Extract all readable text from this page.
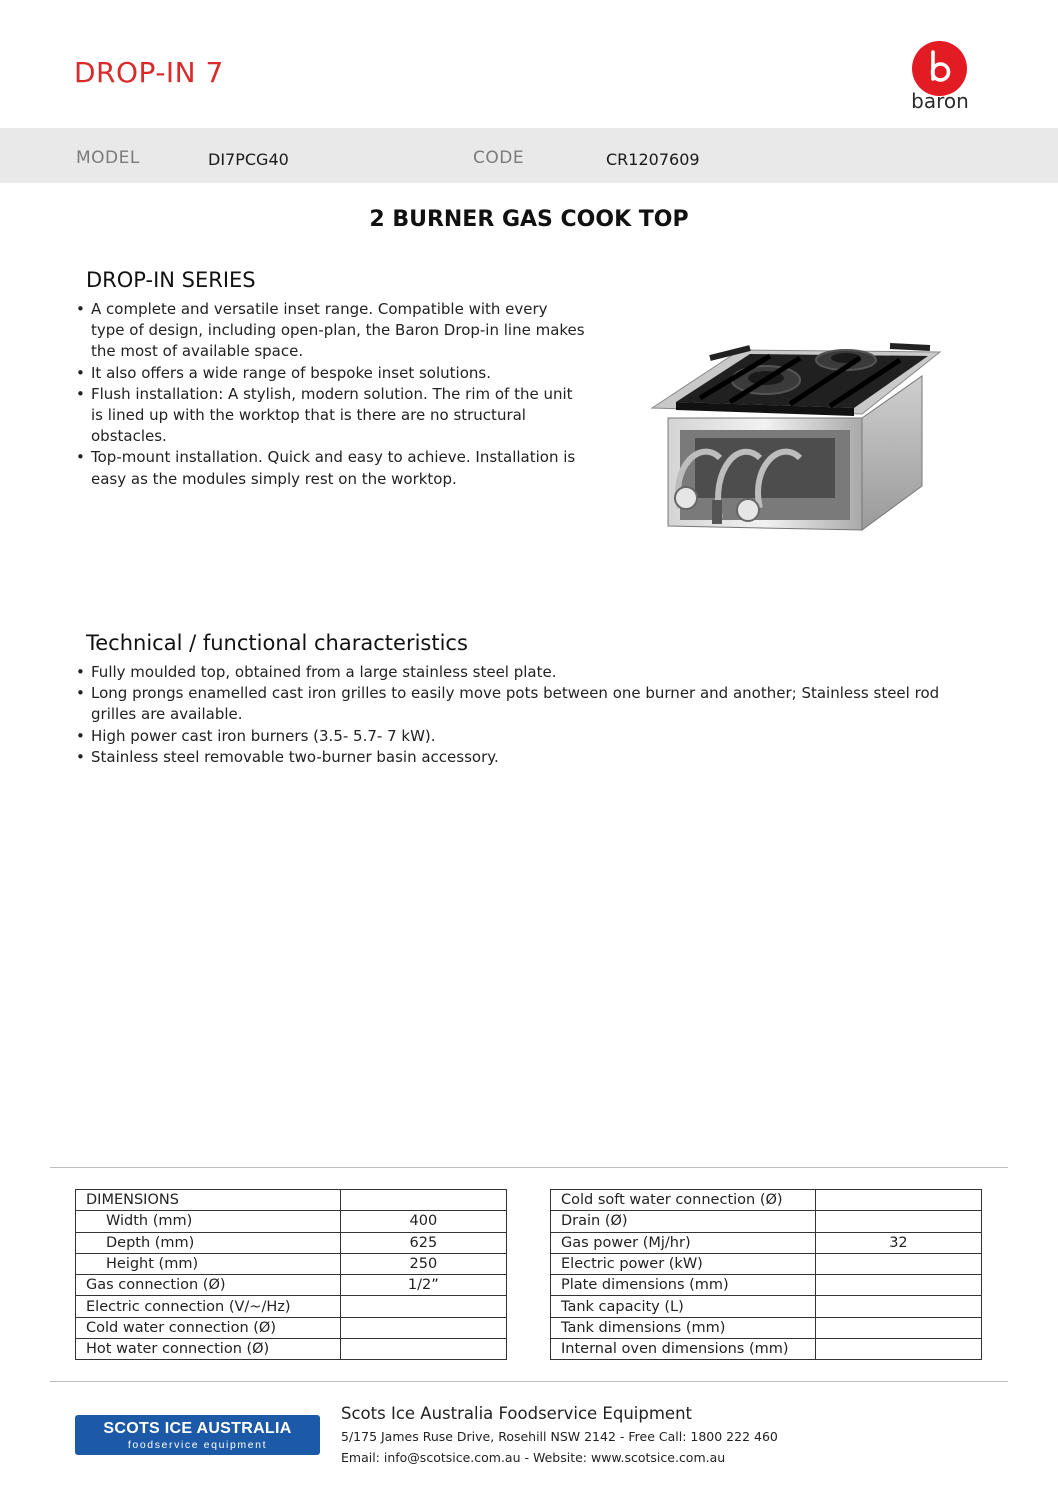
DROP-IN 7
baron
MODEL	DI7PCG40	CODE	CR1207609
2 BURNER GAS COOK TOP
DROP-IN SERIES
• A complete and versatile inset range. Compatible with every type of design, including open-plan, the Baron Drop-in line makes the most of available space.
• It also offers a wide range of bespoke inset solutions.
• Flush installation: A stylish, modern solution. The rim of the unit is lined up with the worktop that is there are no structural obstacles.
• Top-mount installation. Quick and easy to achieve. Installation is easy as the modules simply rest on the worktop.
Technical / functional characteristics
• Fully moulded top, obtained from a large stainless steel plate.
• Long prongs enamelled cast iron grilles to easily move pots between one burner and another; Stainless steel rod grilles are available.
• High power cast iron burners (3.5- 5.7- 7 kW).
• Stainless steel removable two-burner basin accessory.
DIMENSIONS	
Width (mm)	400
Depth (mm)	625
Height (mm)	250
Gas connection (Ø)	1/2”
Electric connection (V/~/Hz)	
Cold water connection (Ø)	
Hot water connection (Ø)	
Cold soft water connection (Ø)	
Drain (Ø)	
Gas power (Mj/hr)	32
Electric power (kW)	
Plate dimensions (mm)	
Tank capacity (L)	
Tank dimensions (mm)	
Internal oven dimensions (mm)	
SCOTS ICE AUSTRALIA
foodservice equipment
Scots Ice Australia Foodservice Equipment
5/175 James Ruse Drive, Rosehill NSW 2142 - Free Call: 1800 222 460
Email: info@scotsice.com.au - Website: www.scotsice.com.au
